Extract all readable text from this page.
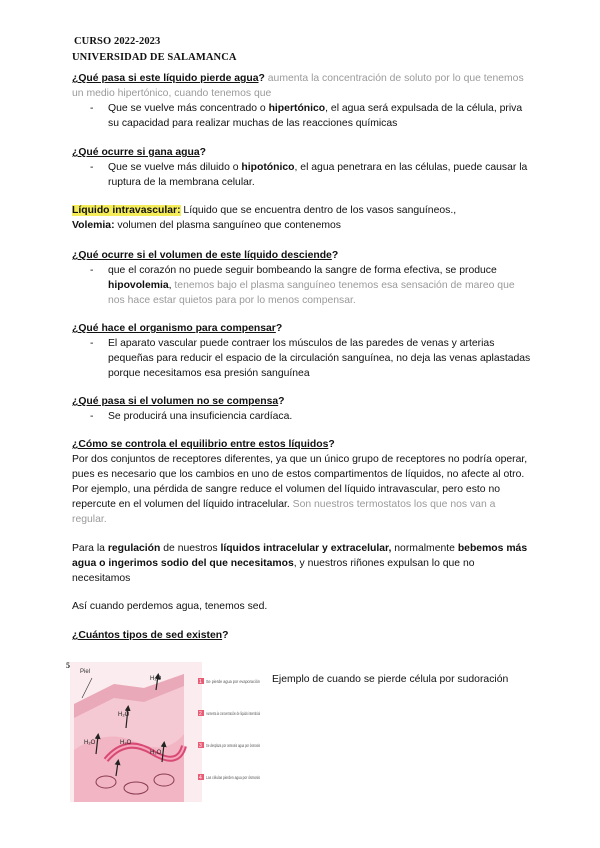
CURSO 2022-2023
UNIVERSIDAD DE SALAMANCA
¿Qué pasa si este líquido pierde agua? aumenta la concentración de soluto por lo que tenemos un medio hipertónico, cuando tenemos que
- Que se vuelve más concentrado o hipertónico, el agua será expulsada de la célula, priva su capacidad para realizar muchas de las reacciones químicas
¿Qué ocurre si gana agua?
- Que se vuelve más diluido o hipotónico, el agua penetrara en las células, puede causar la ruptura de la membrana celular.
Líquido intravascular: Líquido que se encuentra dentro de los vasos sanguíneos.,
Volemia: volumen del plasma sanguíneo que contenemos
¿Qué ocurre si el volumen de este líquido desciende?
- que el corazón no puede seguir bombeando la sangre de forma efectiva, se produce hipovolemia, tenemos bajo el plasma sanguíneo tenemos esa sensación de mareo que nos hace estar quietos para por lo menos compensar.
¿Qué hace el organismo para compensar?
- El aparato vascular puede contraer los músculos de las paredes de venas y arterias pequeñas para reducir el espacio de la circulación sanguínea, no deja las venas aplastadas porque necesitamos esa presión sanguínea
¿Qué pasa si el volumen no se compensa?
- Se producirá una insuficiencia cardíaca.
¿Cómo se controla el equilibrio entre estos líquidos?
Por dos conjuntos de receptores diferentes, ya que un único grupo de receptores no podría operar, pues es necesario que los cambios en uno de estos compartimentos de líquidos, no afecte al otro. Por ejemplo, una pérdida de sangre reduce el volumen del líquido intravascular, pero esto no repercute en el volumen del líquido intracelular. Son nuestros termostatos los que nos van a regular.
Para la regulación de nuestros líquidos intracelular y extracelular, normalmente bebemos más agua o ingerimos sodio del que necesitamos, y nuestros riñones expulsan lo que no necesitamos
Así cuando perdemos agua, tenemos sed.
¿Cuántos tipos de sed existen?
5
Piel
H₂O
H₂O
H₂O	H₂O
H₂O
1 Se pierde agua por evaporación
2 Aumenta la concentración de líquido intersticial
3 Se desplaza por osmosis agua por ósmosis
4 Las células pierden agua por ósmosis
Ejemplo de cuando se pierde célula por sudoración
